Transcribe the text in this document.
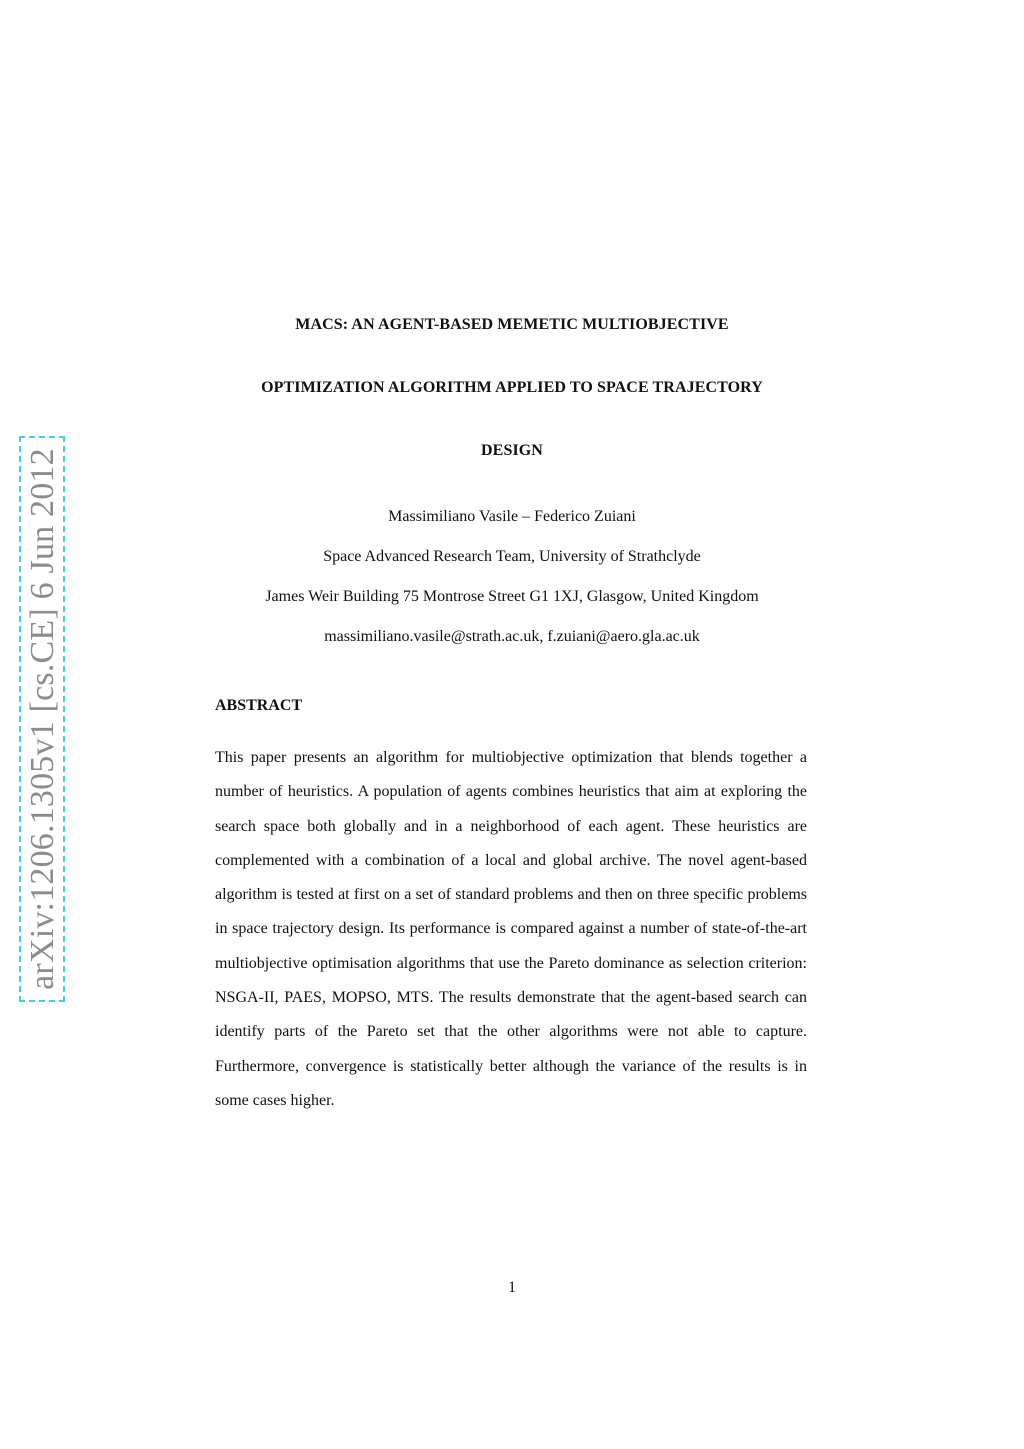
arXiv:1206.1305v1 [cs.CE] 6 Jun 2012
MACS: AN AGENT-BASED MEMETIC MULTIOBJECTIVE
OPTIMIZATION ALGORITHM APPLIED TO SPACE TRAJECTORY
DESIGN
Massimiliano Vasile – Federico Zuiani
Space Advanced Research Team, University of Strathclyde
James Weir Building 75 Montrose Street G1 1XJ, Glasgow, United Kingdom
massimiliano.vasile@strath.ac.uk, f.zuiani@aero.gla.ac.uk
ABSTRACT

This paper presents an algorithm for multiobjective optimization that blends together a number of heuristics. A population of agents combines heuristics that aim at exploring the search space both globally and in a neighborhood of each agent. These heuristics are complemented with a combination of a local and global archive. The novel agent-based algorithm is tested at first on a set of standard problems and then on three specific problems in space trajectory design. Its performance is compared against a number of state-of-the-art multiobjective optimisation algorithms that use the Pareto dominance as selection criterion: NSGA-II, PAES, MOPSO, MTS. The results demonstrate that the agent-based search can identify parts of the Pareto set that the other algorithms were not able to capture. Furthermore, convergence is statistically better although the variance of the results is in some cases higher.

1
